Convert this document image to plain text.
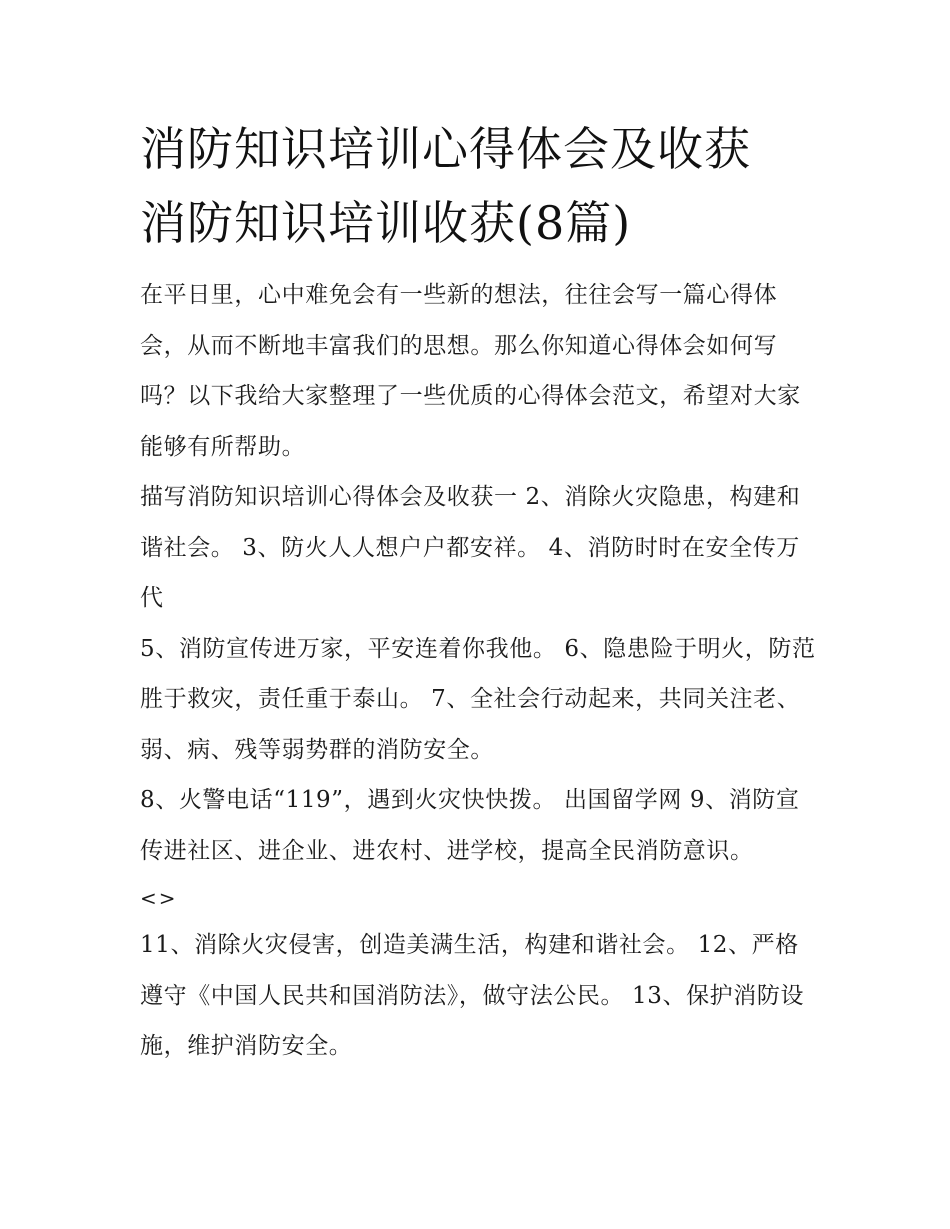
消防知识培训心得体会及收获
消防知识培训收获(8篇)

在平日里，心中难免会有一些新的想法，往往会写一篇心得体会，从而不断地丰富我们的思想。那么你知道心得体会如何写吗？以下我给大家整理了一些优质的心得体会范文，希望对大家能够有所帮助。

描写消防知识培训心得体会及收获一 2、消除火灾隐患，构建和谐社会。 3、防火人人想户户都安祥。 4、消防时时在安全传万代

5、消防宣传进万家，平安连着你我他。 6、隐患险于明火，防范胜于救灾，责任重于泰山。 7、全社会行动起来，共同关注老、弱、病、残等弱势群的消防安全。

8、火警电话“119”，遇到火灾快快拨。 出国留学网 9、消防宣传进社区、进企业、进农村、进学校，提高全民消防意识。

<>

11、消除火灾侵害，创造美满生活，构建和谐社会。 12、严格遵守《中国人民共和国消防法》，做守法公民。 13、保护消防设施，维护消防安全。
